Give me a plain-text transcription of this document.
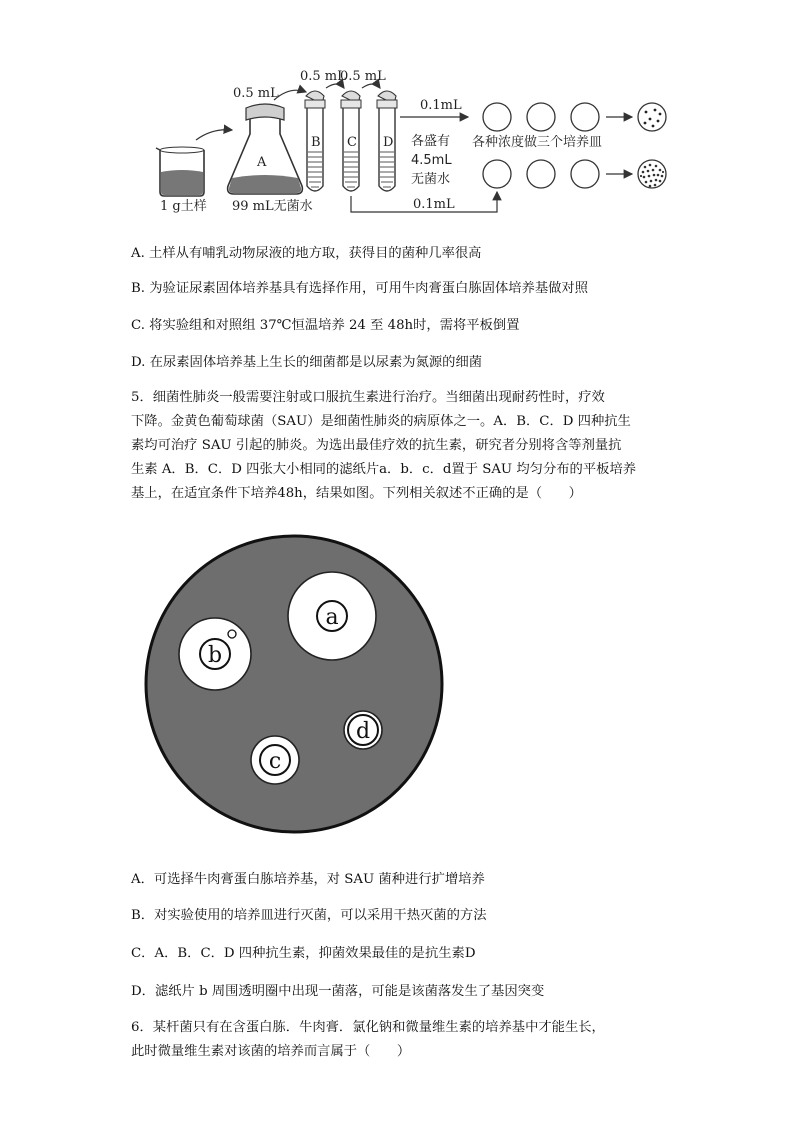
1 g土样
A
99 mL无菌水
0.5 mL
0.5 mL
0.5 mL
B C D 各盛有
4.5mL
无菌水
0.1mL
0.1mL
各种浓度做三个培养皿
A. 土样从有哺乳动物尿液的地方取，获得目的菌种几率很高
B. 为验证尿素固体培养基具有选择作用，可用牛肉膏蛋白胨固体培养基做对照
C. 将实验组和对照组 37℃恒温培养 24 至 48h时，需将平板倒置
D. 在尿素固体培养基上生长的细菌都是以尿素为氮源的细菌
5．细菌性肺炎一般需要注射或口服抗生素进行治疗。当细菌出现耐药性时，疗效
下降。金黄色葡萄球菌（SAU）是细菌性肺炎的病原体之一。A．B．C．D 四种抗生
素均可治疗 SAU 引起的肺炎。为选出最佳疗效的抗生素，研究者分别将含等剂量抗
生素 A．B．C．D 四张大小相同的滤纸片a．b．c．d置于 SAU 均匀分布的平板培养
基上，在适宜条件下培养48h，结果如图。下列相关叙述不正确的是（　　）
a
b
c
d
A．可选择牛肉膏蛋白胨培养基，对 SAU 菌种进行扩增培养
B．对实验使用的培养皿进行灭菌，可以采用干热灭菌的方法
C．A．B．C．D 四种抗生素，抑菌效果最佳的是抗生素D
D．滤纸片 b 周围透明圈中出现一菌落，可能是该菌落发生了基因突变
6．某杆菌只有在含蛋白胨．牛肉膏．氯化钠和微量维生素的培养基中才能生长，
此时微量维生素对该菌的培养而言属于（　　）
